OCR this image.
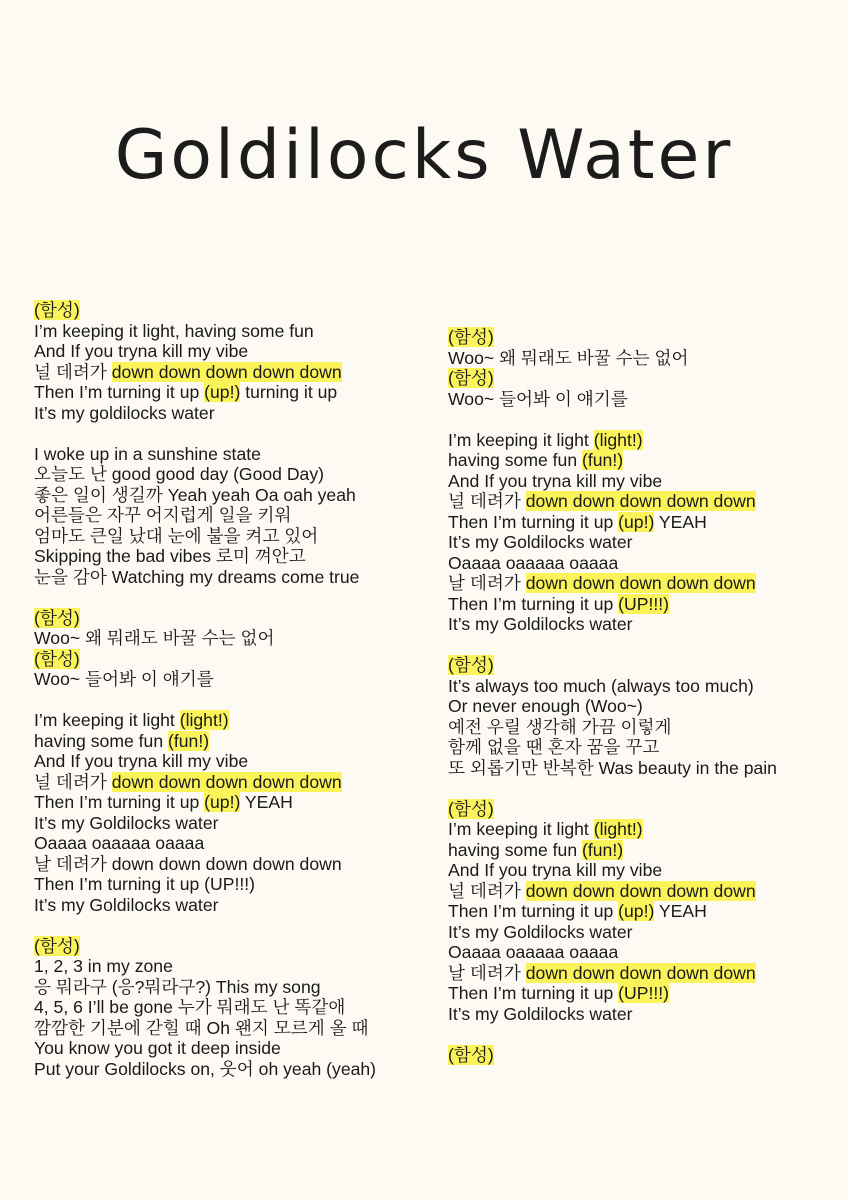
Goldilocks Water
(함성)
I’m keeping it light, having some fun
And If you tryna kill my vibe
널 데려가 down down down down down
Then I’m turning it up (up!) turning it up
It’s my goldilocks water
I woke up in a sunshine state
오늘도 난 good good day (Good Day)
좋은 일이 생길까 Yeah yeah Oa oah yeah
어른들은 자꾸 어지럽게 일을 키워
엄마도 큰일 났대 눈에 불을 켜고 있어
Skipping the bad vibes 로미 껴안고
눈을 감아 Watching my dreams come true
(함성)
Woo~ 왜 뭐래도 바꿀 수는 없어
(함성)
Woo~ 들어봐 이 얘기를
I’m keeping it light (light!)
having some fun (fun!)
And If you tryna kill my vibe
널 데려가 down down down down down
Then I’m turning it up (up!) YEAH
It’s my Goldilocks water
Oaaaa oaaaaa oaaaa
날 데려가 down down down down down
Then I’m turning it up (UP!!!)
It’s my Goldilocks water
(함성)
1, 2, 3 in my zone
응 뭐라구 (응?뭐라구?) This my song
4, 5, 6 I’ll be gone 누가 뭐래도 난 똑같애
깜깜한 기분에 갇힐 때 Oh 왠지 모르게 올 때
You know you got it deep inside
Put your Goldilocks on, 웃어 oh yeah (yeah)
(함성)
Woo~ 왜 뭐래도 바꿀 수는 없어
(함성)
Woo~ 들어봐 이 얘기를
I’m keeping it light (light!)
having some fun (fun!)
And If you tryna kill my vibe
널 데려가 down down down down down
Then I’m turning it up (up!) YEAH
It’s my Goldilocks water
Oaaaa oaaaaa oaaaa
날 데려가 down down down down down
Then I’m turning it up (UP!!!)
It’s my Goldilocks water
(함성)
It’s always too much (always too much)
Or never enough (Woo~)
예전 우릴 생각해 가끔 이렇게
함께 없을 땐 혼자 꿈을 꾸고
또 외롭기만 반복한 Was beauty in the pain
(함성)
I’m keeping it light (light!)
having some fun (fun!)
And If you tryna kill my vibe
널 데려가 down down down down down
Then I’m turning it up (up!) YEAH
It’s my Goldilocks water
Oaaaa oaaaaa oaaaa
날 데려가 down down down down down
Then I’m turning it up (UP!!!)
It’s my Goldilocks water
(함성)
